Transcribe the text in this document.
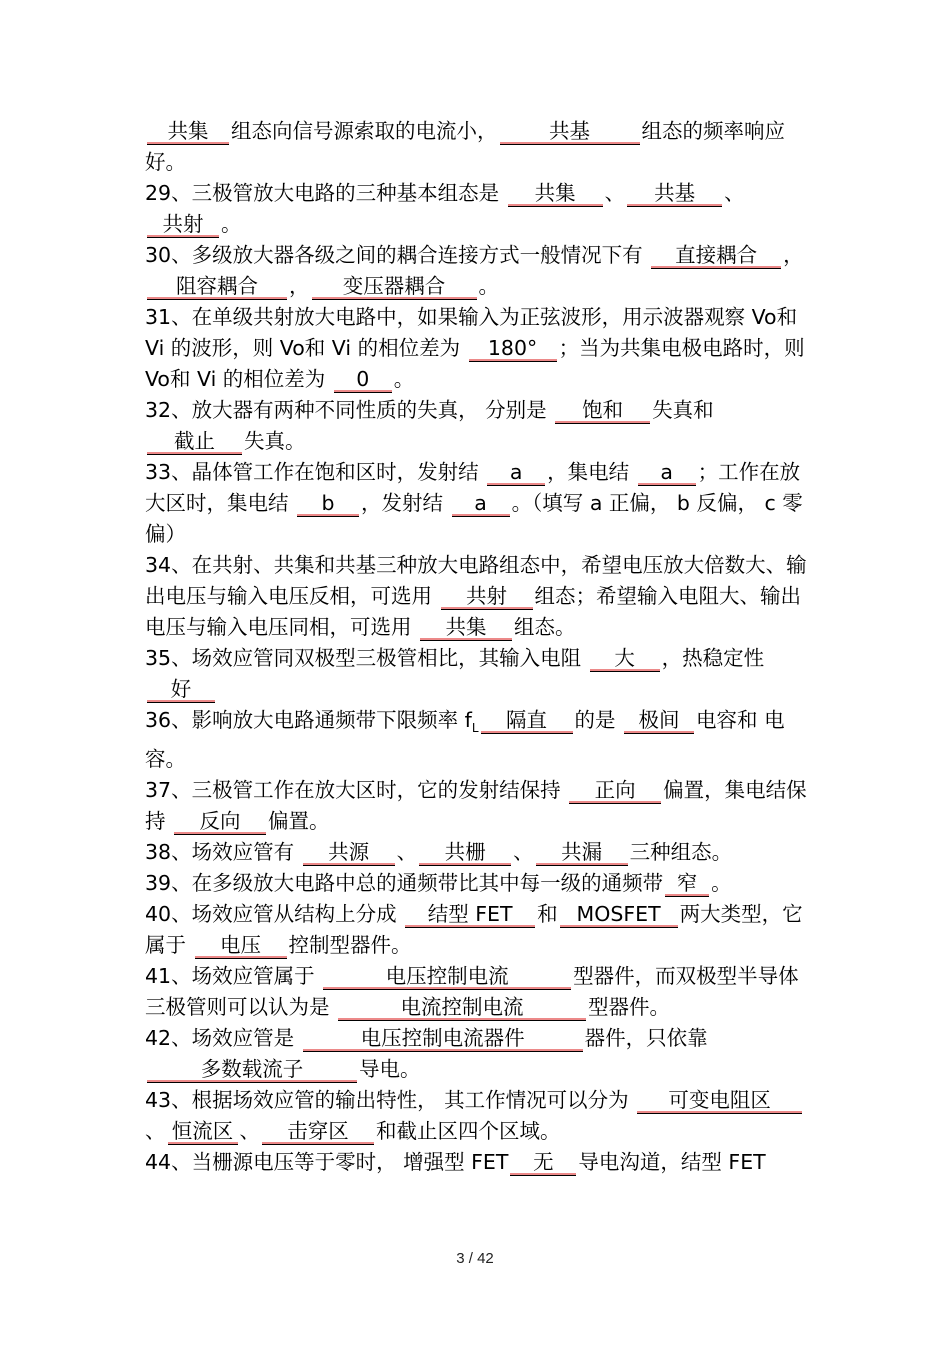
共集 组态向信号源索取的电流小，	共基	组态的频率响应好。

29、三极管放大电路的三种基本组态是 共集 、 共基 、共射 。

30、多级放大器各级之间的耦合连接方式一般情况下有 直接耦合 ，阻容耦合 ， 变压器耦合 。

31、在单级共射放大电路中，如果输入为正弦波形，用示波器观察 Vo和 Vi 的波形，则 Vo和 Vi 的相位差为 180° ；当为共集电极电路时，则 Vo和 Vi 的相位差为 0 。

32、放大器有两种不同性质的失真， 分别是 饱和 失真和 截止 失真。

33、晶体管工作在饱和区时，发射结 a ，集电结 a ；工作在放大区时，集电结 b ，发射结 a 。（填写 a 正偏， b 反偏， c 零偏）

34、在共射、共集和共基三种放大电路组态中，希望电压放大倍数大、输出电压与输入电压反相，可选用 共射 组态；希望输入电阻大、输出电压与输入电压同相，可选用 共集 组态。

35、场效应管同双极型三极管相比，其输入电阻 大 ，热稳定性好

36、影响放大电路通频带下限频率 $f_L$ 隔直 的是 极间 电容和 电容。

37、三极管工作在放大区时，它的发射结保持 正向 偏置，集电结保持 反向 偏置。

38、场效应管有 共源 、 共栅 、 共漏 三种组态。

39、在多级放大电路中总的通频带比其中每一级的通频带 窄 。

40、场效应管从结构上分成 结型 FET 和 MOSFET 两大类型，它属于 电压 控制型器件。

41、场效应管属于	电压控制电流	型器件，而双极型半导体三极管则可以认为是	电流控制电流	型器件。

42、场效应管是	电压控制电流器件	器件，只依靠 多数载流子	导电。

43、根据场效应管的输出特性， 其工作情况可以分为 可变电阻区、 恒流区 、 击穿区 和截止区四个区域。

44、当栅源电压等于零时， 增强型 FET 无 导电沟道，结型 FET

3 / 42
